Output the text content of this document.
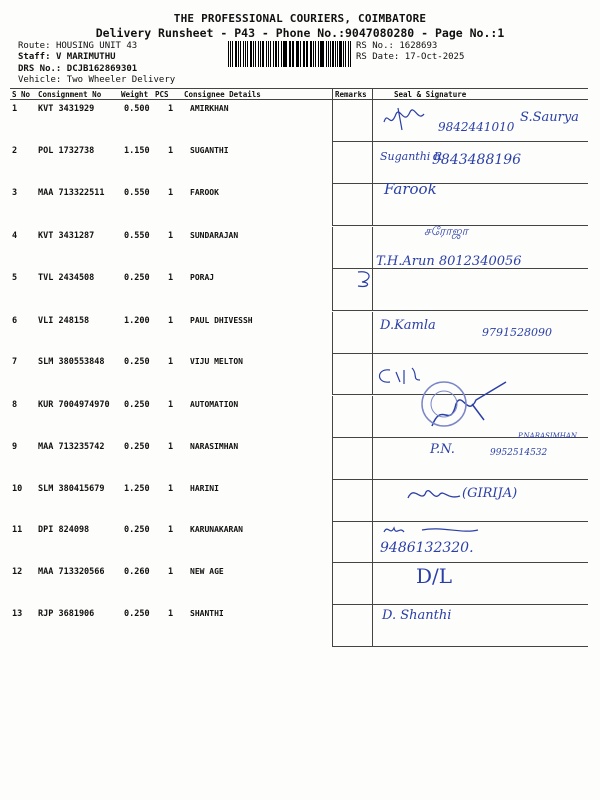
THE PROFESSIONAL COURIERS, COIMBATORE
Delivery Runsheet - P43 - Phone No.:9047080280 - Page No.:1
Route: HOUSING UNIT 43
Staff: V MARIMUTHU
DRS No.: DCJB162869301
Vehicle: Two Wheeler Delivery
RS No.: 1628693
RS Date: 17-Oct-2025
S No Consignment No	Weight PCS Consignee Details	Remarks	Seal & Signature
1 KVT 3431929	0.500 1 AMIRKHAN
2 POL 1732738	1.150 1 SUGANTHI
3 MAA 713322511 0.550 1 FAROOK
4 KVT 3431287	0.550 1 SUNDARAJAN
5 TVL 2434508	0.250 1 PORAJ
6 VLI 248158	1.200 1 PAUL DHIVESSH
7 SLM 380553848 0.250 1 VIJU MELTON
8 KUR 7004974970 0.250 1 AUTOMATION
9 MAA 713235742 0.250 1 NARASIMHAN
10 SLM 380415679 1.250 1 HARINI
11 DPI 824098	0.250 1 KARUNAKARAN
12 MAA 713320566 0.260 1 NEW AGE
13 RJP 3681906	0.250 1 SHANTHI
9842441010
S.Saurya
Suganthi R
9843488196
Farook
சரோஜா
T.H.Arun 8012340056
D.Kamla	9791528090
P.N.
P.NARASIMHAN
9952514532
(GIRIJA)
9486132320.
D/L
D. Shanthi
